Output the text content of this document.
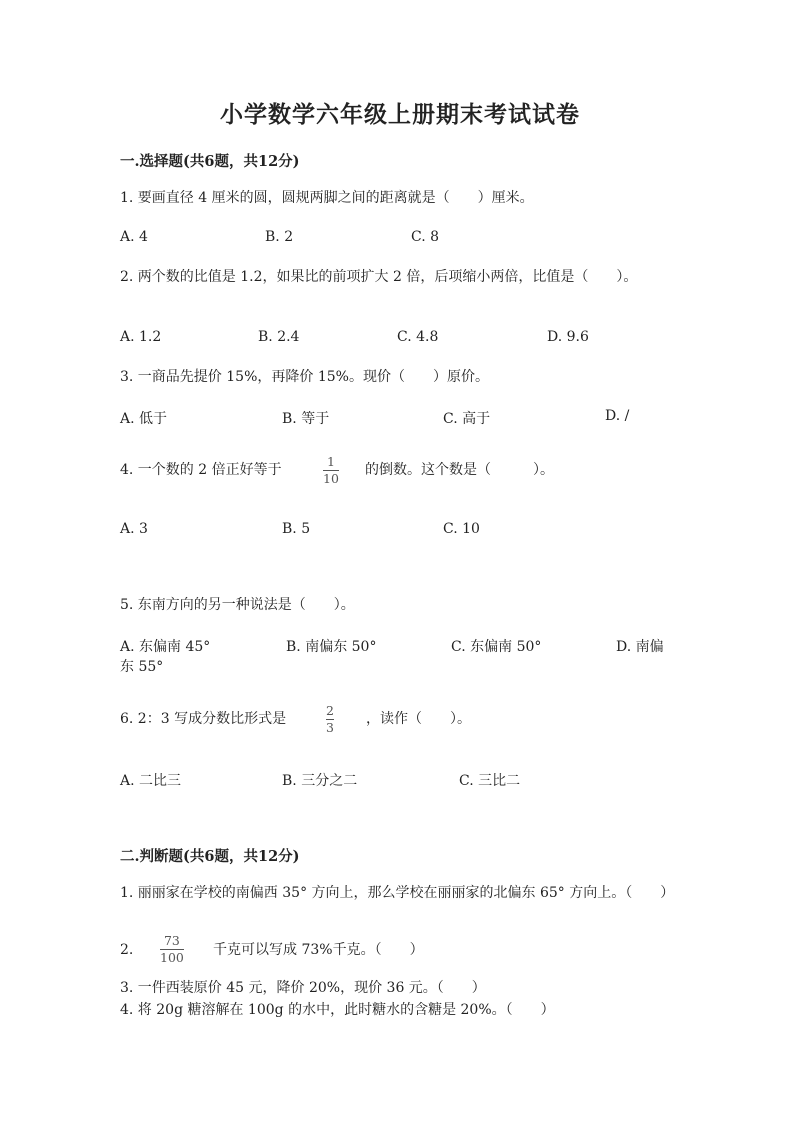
小学数学六年级上册期末考试试卷
一.选择题(共6题，共12分)
1. 要画直径 4 厘米的圆，圆规两脚之间的距离就是（　　）厘米。
A. 4	B. 2	C. 8
2. 两个数的比值是 1.2，如果比的前项扩大 2 倍，后项缩小两倍，比值是（　　）。
A. 1.2	B. 2.4	C. 4.8	D. 9.6
3. 一商品先提价 15%，再降价 15%。现价（　　）原价。
A. 低于	B. 等于	C. 高于	D. /
4. 一个数的 2 倍正好等于
1
10
的倒数。这个数是（　　　）。
A. 3	B. 5	C. 10
5. 东南方向的另一种说法是（　　）。
A. 东偏南 45°	B. 南偏东 50°	C. 东偏南 50°	D. 南偏
东 55°
6. 2：3 写成分数比形式是
2
3
，读作（　　）。
A. 二比三	B. 三分之二	C. 三比二
二.判断题(共6题，共12分)
1. 丽丽家在学校的南偏西 35° 方向上，那么学校在丽丽家的北偏东 65° 方向上。（　　）
2.
73
100 千克可以写成 73%千克。（　　）
3. 一件西装原价 45 元，降价 20%，现价 36 元。（　　）
4. 将 20g 糖溶解在 100g 的水中，此时糖水的含糖是 20%。（　　）
